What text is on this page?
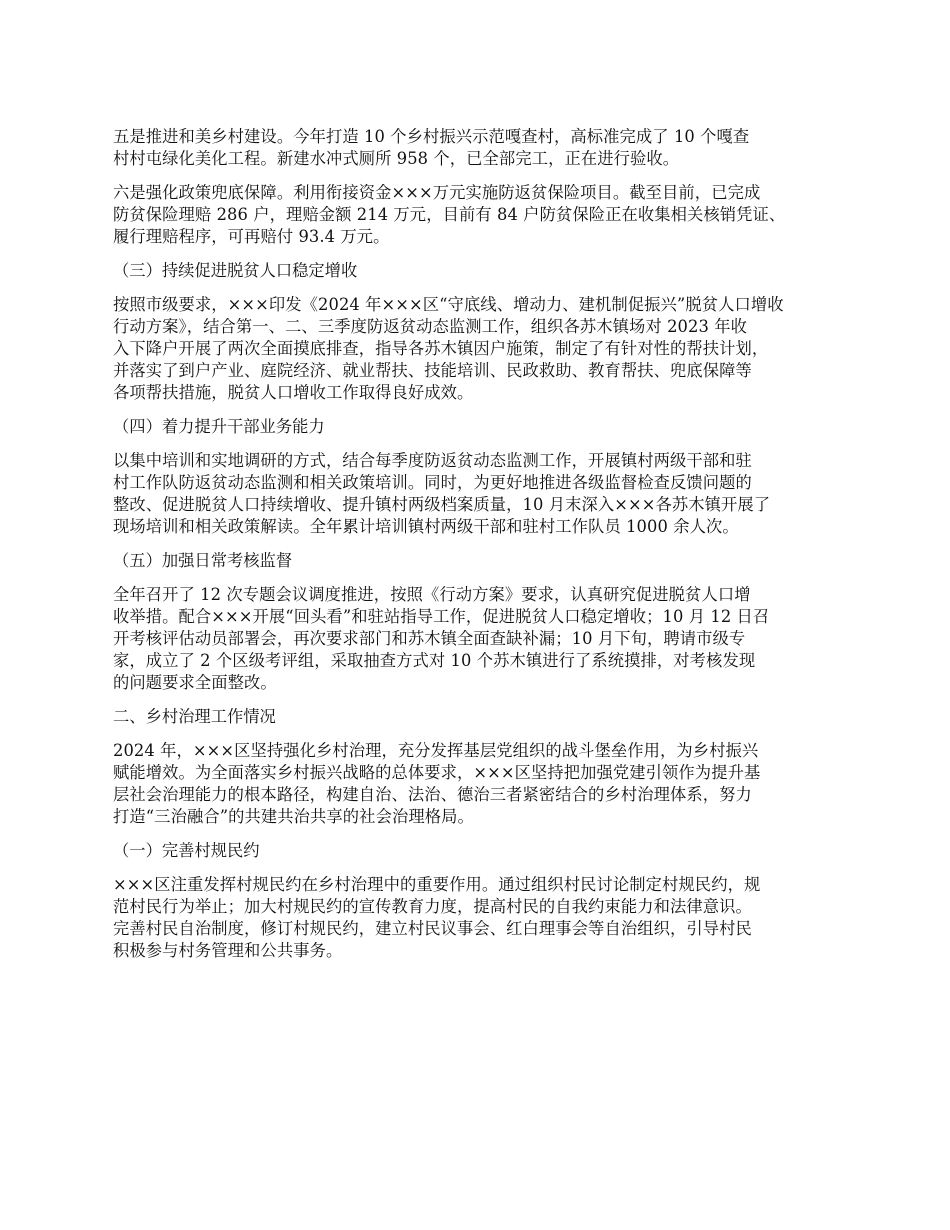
五是推进和美乡村建设。今年打造 10 个乡村振兴示范嘎查村，高标准完成了 10 个嘎查
村村屯绿化美化工程。新建水冲式厕所 958 个，已全部完工，正在进行验收。
六是强化政策兜底保障。利用衔接资金×××万元实施防返贫保险项目。截至目前，已完成
防贫保险理赔 286 户，理赔金额 214 万元，目前有 84 户防贫保险正在收集相关核销凭证、
履行理赔程序，可再赔付 93.4 万元。
（三）持续促进脱贫人口稳定增收
按照市级要求，×××印发《2024 年×××区“守底线、增动力、建机制促振兴”脱贫人口增收
行动方案》，结合第一、二、三季度防返贫动态监测工作，组织各苏木镇场对 2023 年收
入下降户开展了两次全面摸底排查，指导各苏木镇因户施策，制定了有针对性的帮扶计划，
并落实了到户产业、庭院经济、就业帮扶、技能培训、民政救助、教育帮扶、兜底保障等
各项帮扶措施，脱贫人口增收工作取得良好成效。
（四）着力提升干部业务能力
以集中培训和实地调研的方式，结合每季度防返贫动态监测工作，开展镇村两级干部和驻
村工作队防返贫动态监测和相关政策培训。同时，为更好地推进各级监督检查反馈问题的
整改、促进脱贫人口持续增收、提升镇村两级档案质量，10 月末深入×××各苏木镇开展了
现场培训和相关政策解读。全年累计培训镇村两级干部和驻村工作队员 1000 余人次。
（五）加强日常考核监督
全年召开了 12 次专题会议调度推进，按照《行动方案》要求，认真研究促进脱贫人口增
收举措。配合×××开展“回头看”和驻站指导工作，促进脱贫人口稳定增收；10 月 12 日召
开考核评估动员部署会，再次要求部门和苏木镇全面查缺补漏；10 月下旬，聘请市级专
家，成立了 2 个区级考评组，采取抽查方式对 10 个苏木镇进行了系统摸排，对考核发现
的问题要求全面整改。
二、乡村治理工作情况
2024 年，×××区坚持强化乡村治理，充分发挥基层党组织的战斗堡垒作用，为乡村振兴
赋能增效。为全面落实乡村振兴战略的总体要求，×××区坚持把加强党建引领作为提升基
层社会治理能力的根本路径，构建自治、法治、德治三者紧密结合的乡村治理体系，努力
打造“三治融合”的共建共治共享的社会治理格局。
（一）完善村规民约
×××区注重发挥村规民约在乡村治理中的重要作用。通过组织村民讨论制定村规民约，规
范村民行为举止；加大村规民约的宣传教育力度，提高村民的自我约束能力和法律意识。
完善村民自治制度，修订村规民约，建立村民议事会、红白理事会等自治组织，引导村民
积极参与村务管理和公共事务。
